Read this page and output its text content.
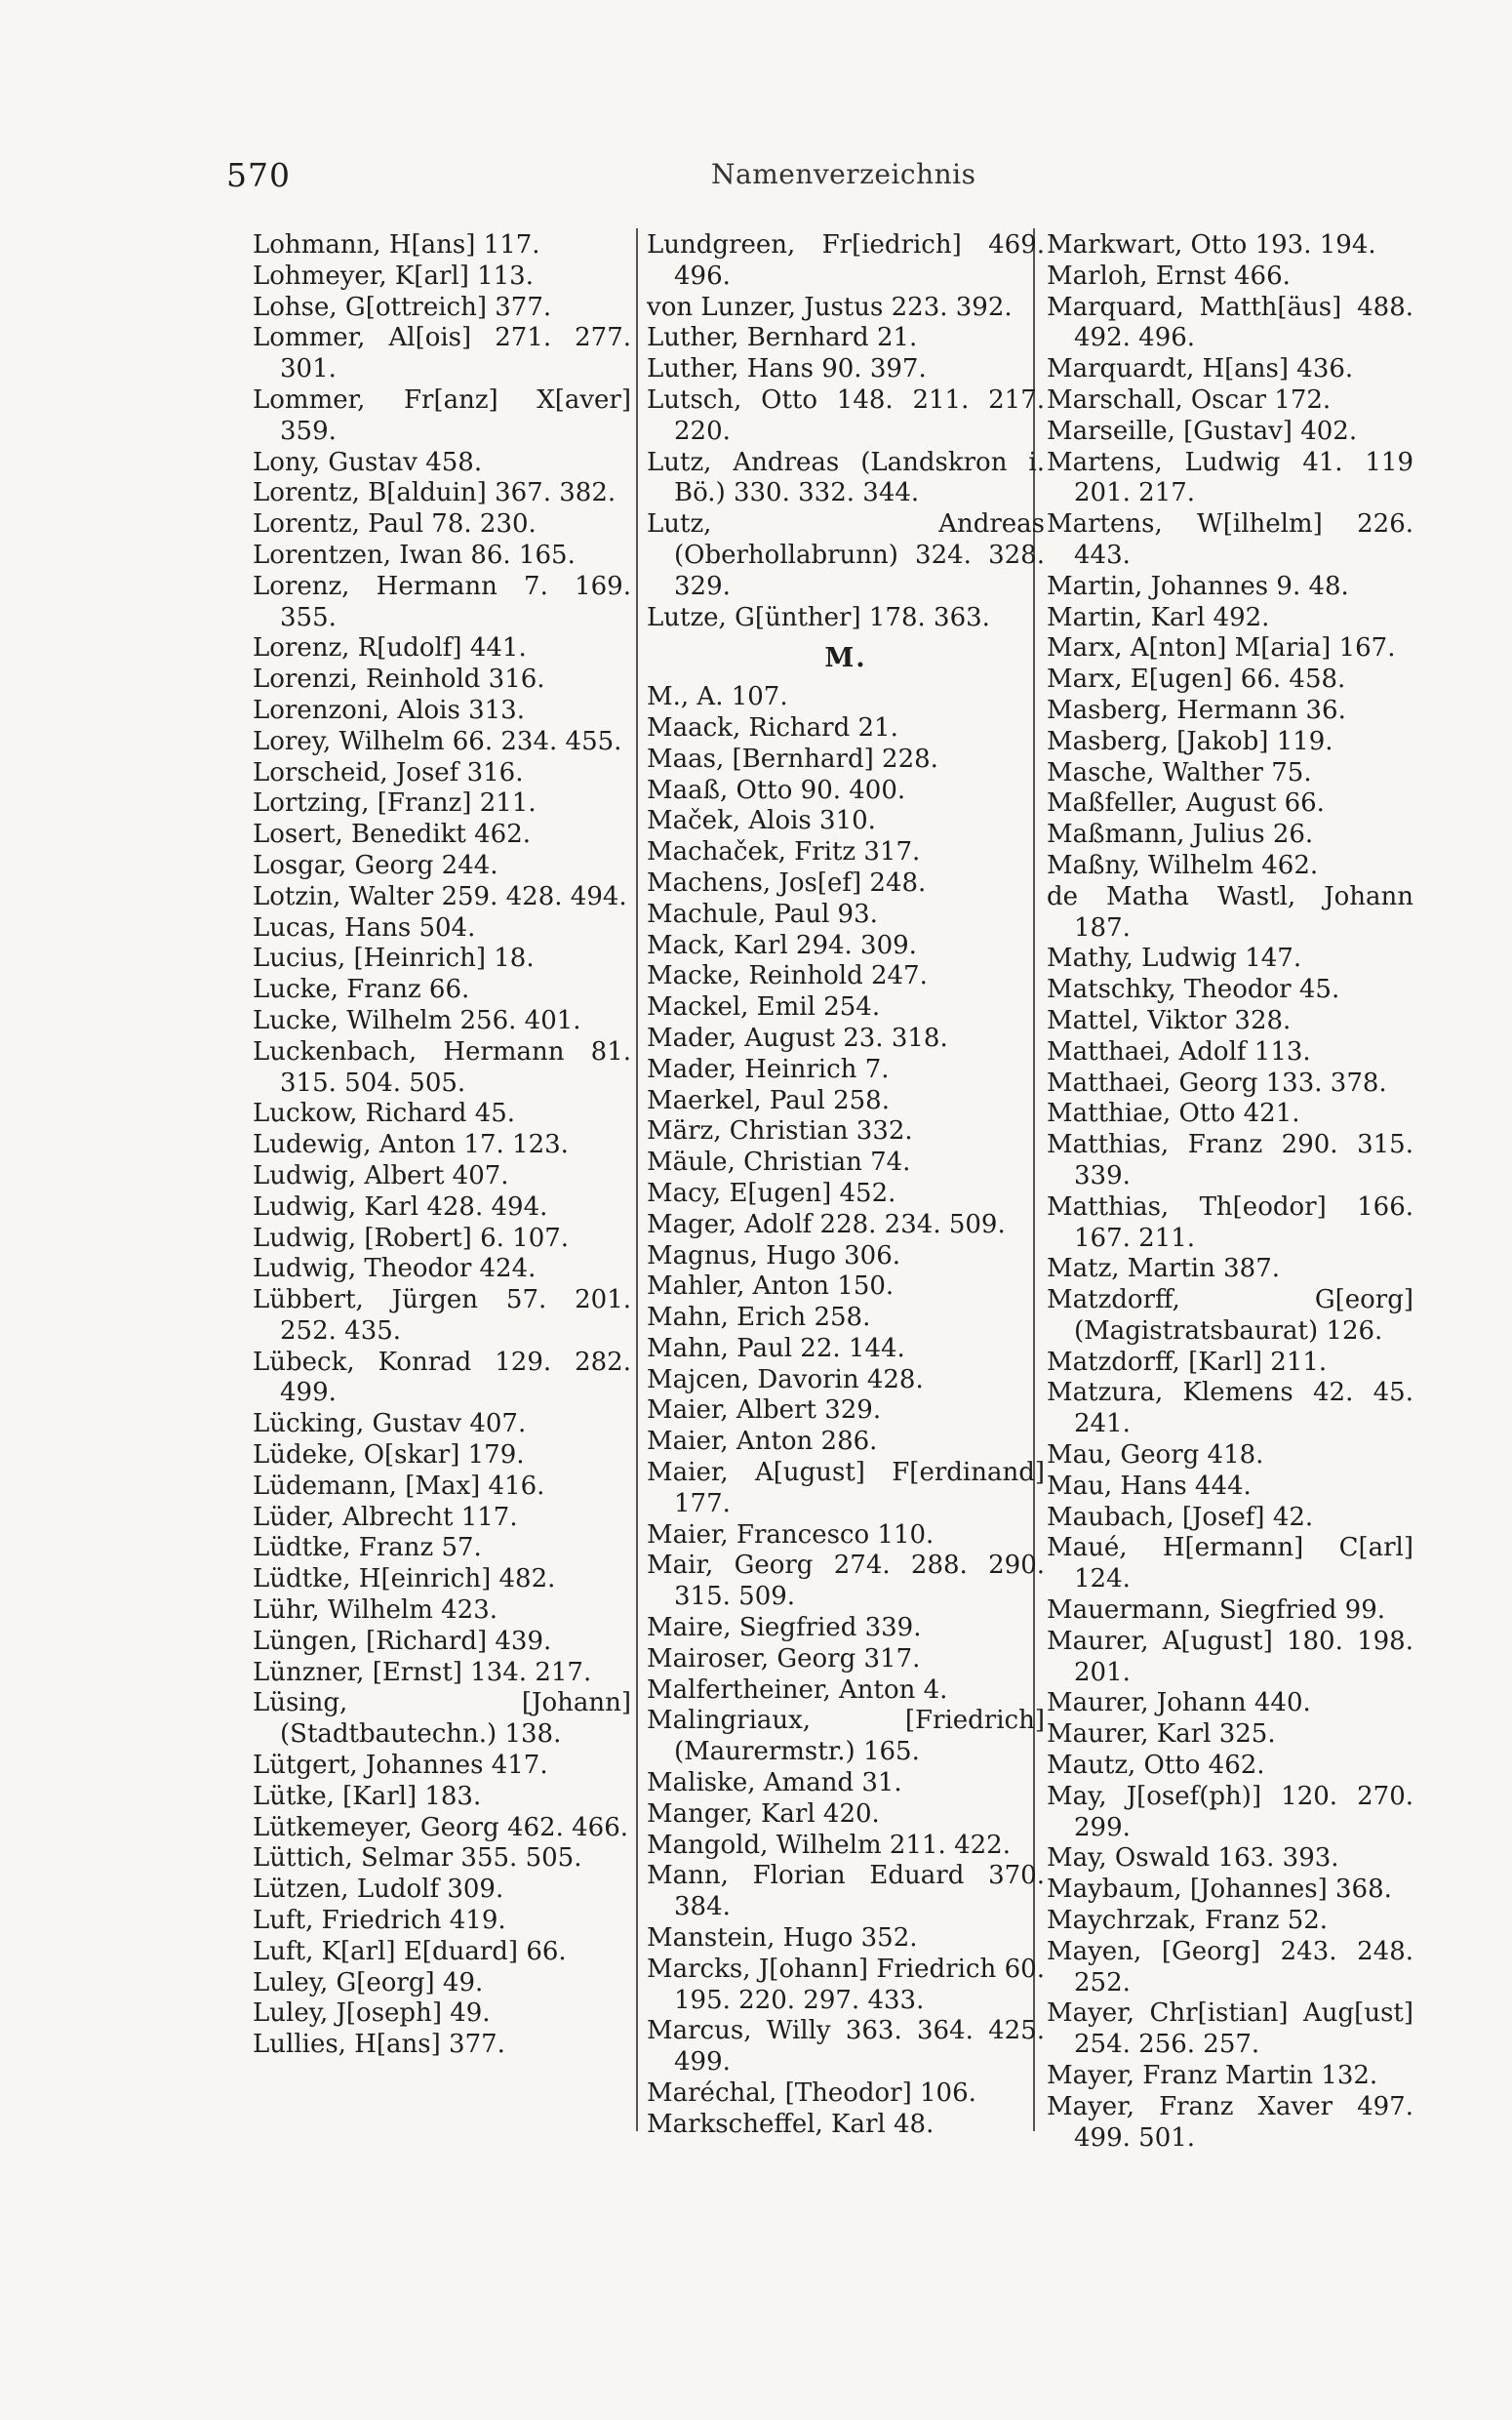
570	Namenverzeichnis
Lohmann, H[ans] 117.
Lohmeyer, K[arl] 113.
Lohse, G[ottreich] 377.
Lommer, Al[ois] 271. 277. 301.
Lommer, Fr[anz] X[aver] 359.
Lony, Gustav 458.
Lorentz, B[alduin] 367. 382.
Lorentz, Paul 78. 230.
Lorentzen, Iwan 86. 165.
Lorenz, Hermann 7. 169. 355.
Lorenz, R[udolf] 441.
Lorenzi, Reinhold 316.
Lorenzoni, Alois 313.
Lorey, Wilhelm 66. 234. 455.
Lorscheid, Josef 316.
Lortzing, [Franz] 211.
Losert, Benedikt 462.
Losgar, Georg 244.
Lotzin, Walter 259. 428. 494.
Lucas, Hans 504.
Lucius, [Heinrich] 18.
Lucke, Franz 66.
Lucke, Wilhelm 256. 401.
Luckenbach, Hermann 81. 315. 504. 505.
Luckow, Richard 45.
Ludewig, Anton 17. 123.
Ludwig, Albert 407.
Ludwig, Karl 428. 494.
Ludwig, [Robert] 6. 107.
Ludwig, Theodor 424.
Lübbert, Jürgen 57. 201. 252. 435.
Lübeck, Konrad 129. 282. 499.
Lücking, Gustav 407.
Lüdeke, O[skar] 179.
Lüdemann, [Max] 416.
Lüder, Albrecht 117.
Lüdtke, Franz 57.
Lüdtke, H[einrich] 482.
Lühr, Wilhelm 423.
Lüngen, [Richard] 439.
Lünzner, [Ernst] 134. 217.
Lüsing, [Johann] (Stadtbautechn.) 138.
Lütgert, Johannes 417.
Lütke, [Karl] 183.
Lütkemeyer, Georg 462. 466.
Lüttich, Selmar 355. 505.
Lützen, Ludolf 309.
Luft, Friedrich 419.
Luft, K[arl] E[duard] 66.
Luley, G[eorg] 49.
Luley, J[oseph] 49.
Lullies, H[ans] 377.
Lundgreen, Fr[iedrich] 469. 496.
von Lunzer, Justus 223. 392.
Luther, Bernhard 21.
Luther, Hans 90. 397.
Lutsch, Otto 148. 211. 217. 220.
Lutz, Andreas (Landskron i. Bö.) 330. 332. 344.
Lutz, Andreas (Oberhollabrunn) 324. 328. 329.
Lutze, G[ünther] 178. 363.
M.
M., A. 107.
Maack, Richard 21.
Maas, [Bernhard] 228.
Maaß, Otto 90. 400.
Maček, Alois 310.
Machaček, Fritz 317.
Machens, Jos[ef] 248.
Machule, Paul 93.
Mack, Karl 294. 309.
Macke, Reinhold 247.
Mackel, Emil 254.
Mader, August 23. 318.
Mader, Heinrich 7.
Maerkel, Paul 258.
März, Christian 332.
Mäule, Christian 74.
Macy, E[ugen] 452.
Mager, Adolf 228. 234. 509.
Magnus, Hugo 306.
Mahler, Anton 150.
Mahn, Erich 258.
Mahn, Paul 22. 144.
Majcen, Davorin 428.
Maier, Albert 329.
Maier, Anton 286.
Maier, A[ugust] F[erdinand] 177.
Maier, Francesco 110.
Mair, Georg 274. 288. 290. 315. 509.
Maire, Siegfried 339.
Mairoser, Georg 317.
Malfertheiner, Anton 4.
Malingriaux, [Friedrich] (Maurermstr.) 165.
Maliske, Amand 31.
Manger, Karl 420.
Mangold, Wilhelm 211. 422.
Mann, Florian Eduard 370. 384.
Manstein, Hugo 352.
Marcks, J[ohann] Friedrich 60. 195. 220. 297. 433.
Marcus, Willy 363. 364. 425. 499.
Maréchal, [Theodor] 106.
Markscheffel, Karl 48.
Markwart, Otto 193. 194.
Marloh, Ernst 466.
Marquard, Matth[äus] 488. 492. 496.
Marquardt, H[ans] 436.
Marschall, Oscar 172.
Marseille, [Gustav] 402.
Martens, Ludwig 41. 119 201. 217.
Martens, W[ilhelm] 226. 443.
Martin, Johannes 9. 48.
Martin, Karl 492.
Marx, A[nton] M[aria] 167.
Marx, E[ugen] 66. 458.
Masberg, Hermann 36.
Masberg, [Jakob] 119.
Masche, Walther 75.
Maßfeller, August 66.
Maßmann, Julius 26.
Maßny, Wilhelm 462.
de Matha Wastl, Johann 187.
Mathy, Ludwig 147.
Matschky, Theodor 45.
Mattel, Viktor 328.
Matthaei, Adolf 113.
Matthaei, Georg 133. 378.
Matthiae, Otto 421.
Matthias, Franz 290. 315. 339.
Matthias, Th[eodor] 166. 167. 211.
Matz, Martin 387.
Matzdorff, G[eorg] (Magistratsbaurat) 126.
Matzdorff, [Karl] 211.
Matzura, Klemens 42. 45. 241.
Mau, Georg 418.
Mau, Hans 444.
Maubach, [Josef] 42.
Maué, H[ermann] C[arl] 124.
Mauermann, Siegfried 99.
Maurer, A[ugust] 180. 198. 201.
Maurer, Johann 440.
Maurer, Karl 325.
Mautz, Otto 462.
May, J[osef(ph)] 120. 270. 299.
May, Oswald 163. 393.
Maybaum, [Johannes] 368.
Maychrzak, Franz 52.
Mayen, [Georg] 243. 248. 252.
Mayer, Chr[istian] Aug[ust] 254. 256. 257.
Mayer, Franz Martin 132.
Mayer, Franz Xaver 497. 499. 501.
